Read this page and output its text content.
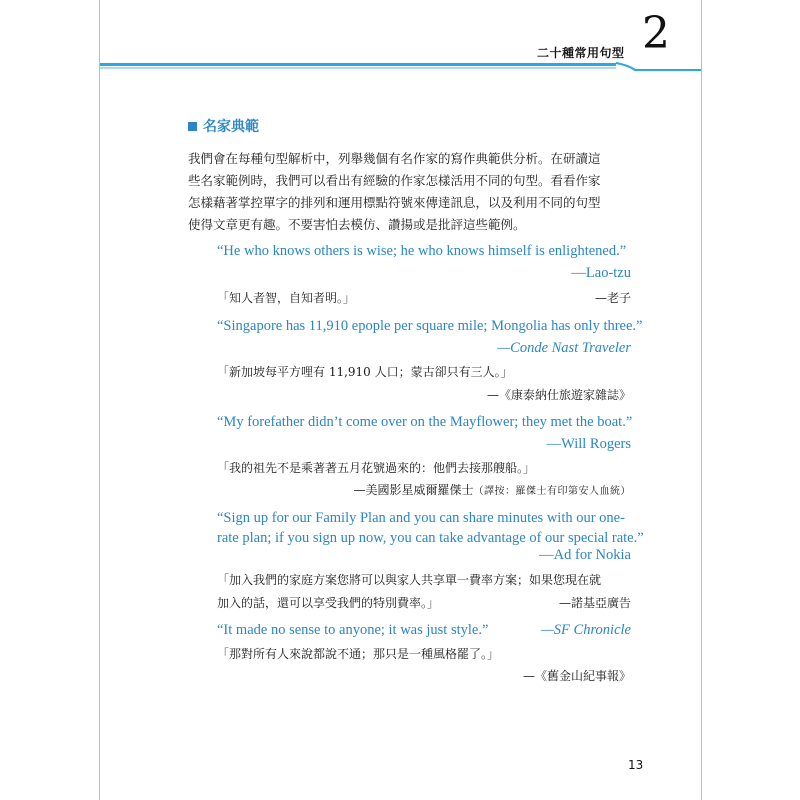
二十種常用句型 2
名家典範

我們會在每種句型解析中，列舉幾個有名作家的寫作典範供分析。在研讀這

些名家範例時，我們可以看出有經驗的作家怎樣活用不同的句型。看看作家

怎樣藉著掌控單字的排列和運用標點符號來傳達訊息，以及利用不同的句型

使得文章更有趣。不要害怕去模仿、讚揚或是批評這些範例。

“He who knows others is wise; he who knows himself is enlightened.”

—Lao-tzu

「知人者智，自知者明。」	—老子

“Singapore has 11,910 epople per square mile; Mongolia has only three.”

—Conde Nast Traveler

「新加坡每平方哩有 11,910 人口；蒙古卻只有三人。」

—《康泰納仕旅遊家雜誌》

“My forefather didn’t come over on the Mayflower; they met the boat.”

—Will Rogers

「我的祖先不是乘著著五月花號過來的：他們去接那艘船。」

—美國影星威爾羅傑士（譯按：羅傑士有印第安人血統）

“Sign up for our Family Plan and you can share minutes with our one-

rate plan; if you sign up now, you can take advantage of our special rate.”

—Ad for Nokia

「加入我們的家庭方案您將可以與家人共享單一費率方案；如果您現在就

加入的話，還可以享受我們的特別費率。」	—諾基亞廣告

“It made no sense to anyone; it was just style.”	—SF Chronicle

「那對所有人來說都說不通；那只是一種風格罷了。」

—《舊金山紀事報》

13
